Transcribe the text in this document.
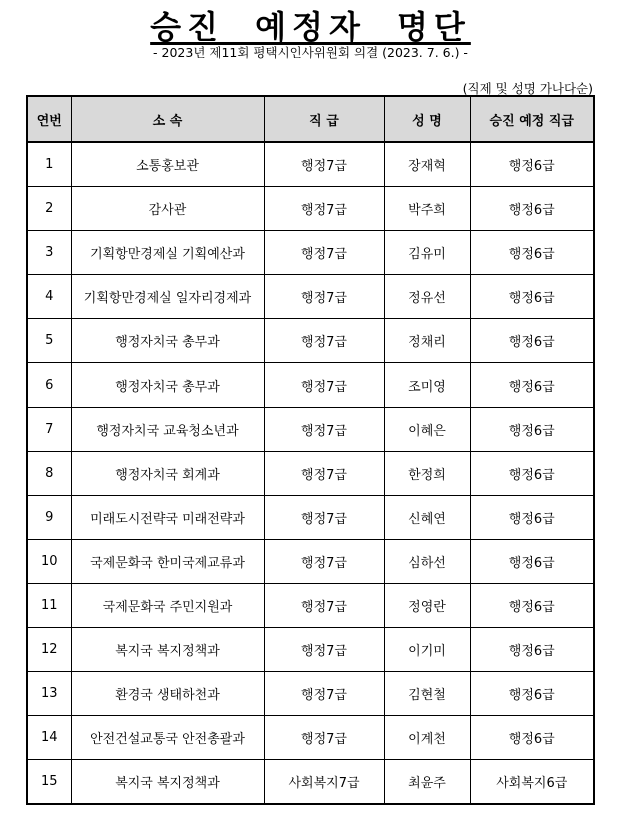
승진 예정자 명단
- 2023년 제11회 평택시인사위원회 의결 (2023. 7. 6.) -
(직제 및 성명 가나다순)
연번	소 속	직 급	성 명	승진 예정 직급
1	소통홍보관	행정7급	장재혁	행정6급
2	감사관	행정7급	박주희	행정6급
3	기획항만경제실 기획예산과	행정7급	김유미	행정6급
4	기획항만경제실 일자리경제과	행정7급	정유선	행정6급
5	행정자치국 총무과	행정7급	정채리	행정6급
6	행정자치국 총무과	행정7급	조미영	행정6급
7	행정자치국 교육청소년과	행정7급	이혜은	행정6급
8	행정자치국 회계과	행정7급	한정희	행정6급
9	미래도시전략국 미래전략과	행정7급	신혜연	행정6급
10	국제문화국 한미국제교류과	행정7급	심하선	행정6급
11	국제문화국 주민지원과	행정7급	정영란	행정6급
12	복지국 복지정책과	행정7급	이기미	행정6급
13	환경국 생태하천과	행정7급	김현철	행정6급
14	안전건설교통국 안전총괄과	행정7급	이계천	행정6급
15	복지국 복지정책과	사회복지7급	최윤주	사회복지6급
